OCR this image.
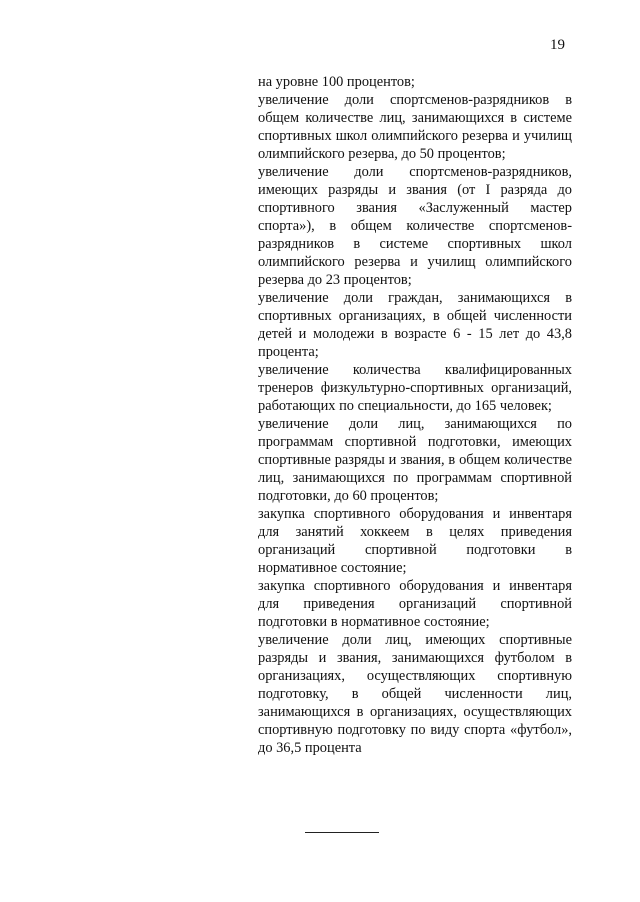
19

на уровне 100 процентов;

увеличение доли спортсменов-разрядников в общем количестве лиц, занимающихся в системе спортивных школ олимпийского резерва и училищ олимпийского резерва, до 50 процентов;

увеличение доли спортсменов-разрядников, имеющих разряды и звания (от I разряда до спортивного звания «Заслуженный мастер спорта»), в общем количестве спортсменов-разрядников в системе спортивных школ олимпийского резерва и училищ олимпийского резерва до 23 процентов;

увеличение доли граждан, занимающихся в спортивных организациях, в общей численности детей и молодежи в возрасте 6 - 15 лет до 43,8 процента;

увеличение количества квалифицированных тренеров физкультурно-спортивных организаций, работающих по специальности, до 165 человек;

увеличение доли лиц, занимающихся по программам спортивной подготовки, имеющих спортивные разряды и звания, в общем количестве лиц, занимающихся по программам спортивной подготовки, до 60 процентов;

закупка спортивного оборудования и инвентаря для занятий хоккеем в целях приведения организаций спортивной подготовки в нормативное состояние;

закупка спортивного оборудования и инвентаря для приведения организаций спортивной подготовки в нормативное состояние;

увеличение доли лиц, имеющих спортивные разряды и звания, занимающихся футболом в организациях, осуществляющих спортивную подготовку, в общей численности лиц, занимающихся в организациях, осуществляющих спортивную подготовку по виду спорта «футбол», до 36,5 процента
